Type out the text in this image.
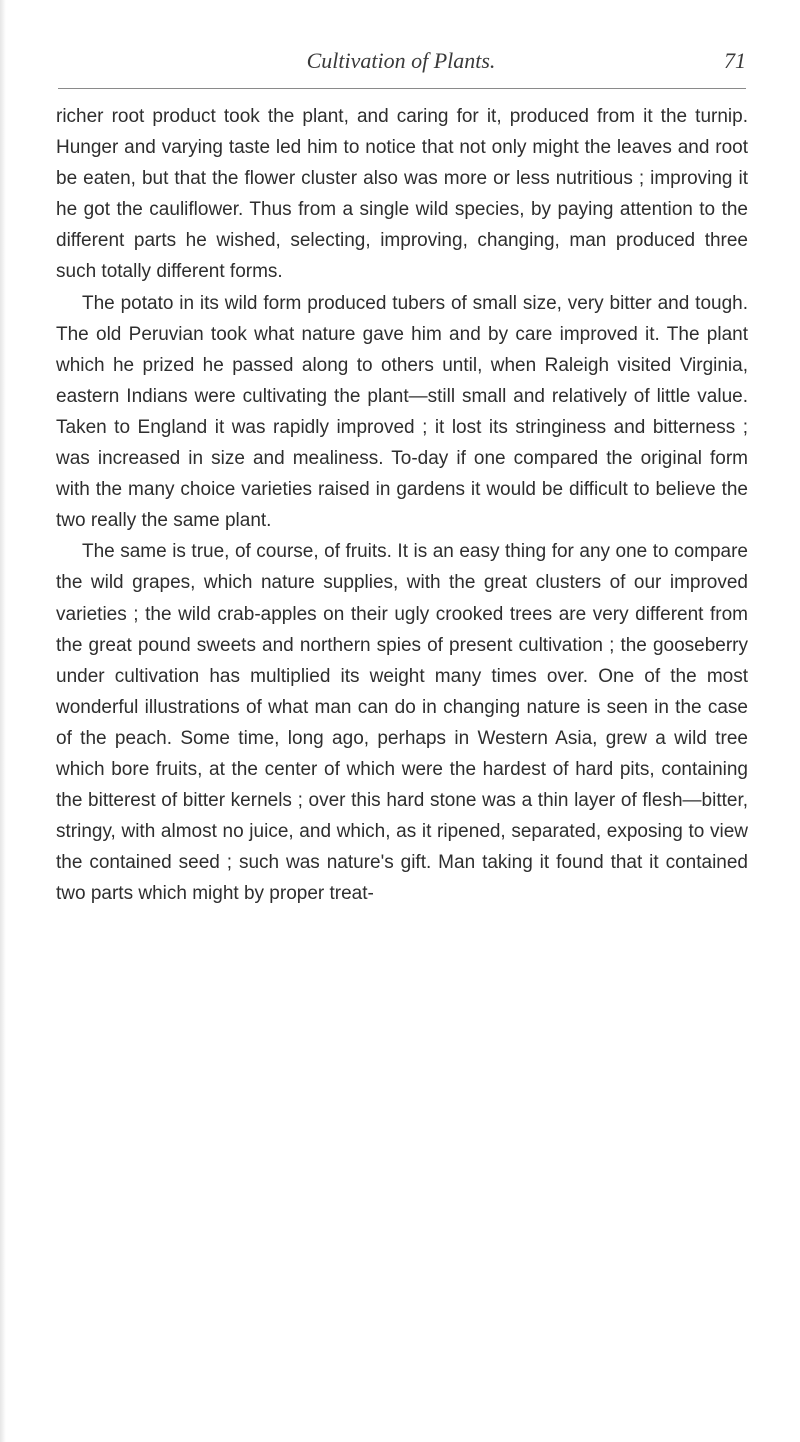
Cultivation of Plants.	71

richer root product took the plant, and caring for it, produced from it the turnip. Hunger and varying taste led him to notice that not only might the leaves and root be eaten, but that the flower cluster also was more or less nutritious ; improving it he got the cauliflower. Thus from a single wild species, by paying attention to the different parts he wished, selecting, improving, changing, man produced three such totally different forms.

The potato in its wild form produced tubers of small size, very bitter and tough. The old Peruvian took what nature gave him and by care improved it. The plant which he prized he passed along to others until, when Raleigh visited Virginia, eastern Indians were cultivating the plant—still small and relatively of little value. Taken to England it was rapidly improved ; it lost its stringiness and bitterness ; was increased in size and mealiness. To-day if one compared the original form with the many choice varieties raised in gardens it would be difficult to believe the two really the same plant.

The same is true, of course, of fruits. It is an easy thing for any one to compare the wild grapes, which nature supplies, with the great clusters of our improved varieties ; the wild crab-apples on their ugly crooked trees are very different from the great pound sweets and northern spies of present cultivation ; the gooseberry under cultivation has multiplied its weight many times over. One of the most wonderful illustrations of what man can do in changing nature is seen in the case of the peach. Some time, long ago, perhaps in Western Asia, grew a wild tree which bore fruits, at the center of which were the hardest of hard pits, containing the bitterest of bitter kernels ; over this hard stone was a thin layer of flesh—bitter, stringy, with almost no juice, and which, as it ripened, separated, exposing to view the contained seed ; such was nature's gift. Man taking it found that it contained two parts which might by proper treat-
